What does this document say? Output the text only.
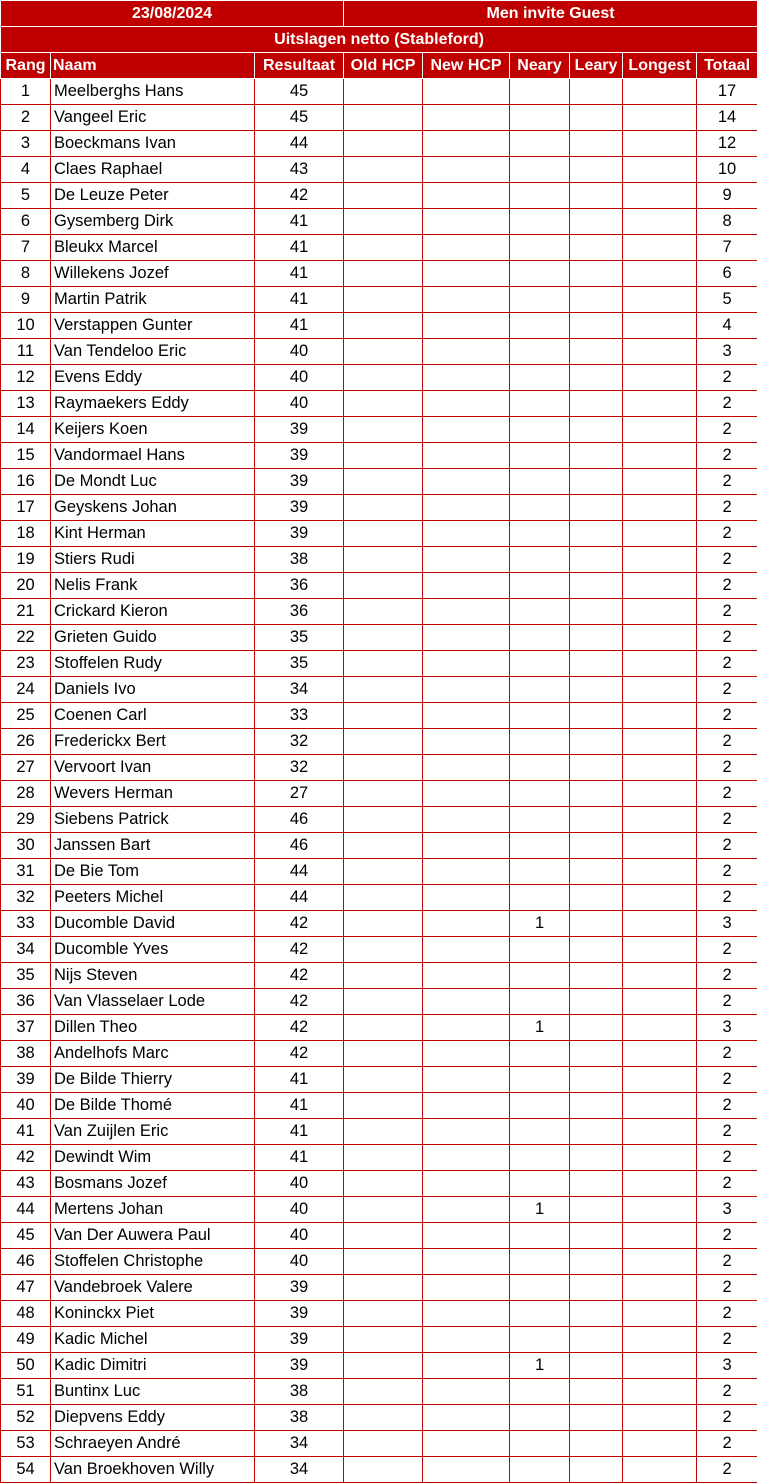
23/08/2024			Men invite Guest					
Uitslagen netto (Stableford)								
Rang	Naam	Resultaat	Old HCP	New HCP	Neary	Leary	Longest	Totaal
1	Meelberghs Hans	45						17
2	Vangeel Eric	45						14
3	Boeckmans Ivan	44						12
4	Claes Raphael	43						10
5	De Leuze Peter	42						9
6	Gysemberg Dirk	41						8
7	Bleukx Marcel	41						7
8	Willekens Jozef	41						6
9	Martin Patrik	41						5
10	Verstappen Gunter	41						4
11	Van Tendeloo Eric	40						3
12	Evens Eddy	40						2
13	Raymaekers Eddy	40						2
14	Keijers Koen	39						2
15	Vandormael Hans	39						2
16	De Mondt Luc	39						2
17	Geyskens Johan	39						2
18	Kint Herman	39						2
19	Stiers Rudi	38						2
20	Nelis Frank	36						2
21	Crickard Kieron	36						2
22	Grieten Guido	35						2
23	Stoffelen Rudy	35						2
24	Daniels Ivo	34						2
25	Coenen Carl	33						2
26	Frederickx Bert	32						2
27	Vervoort Ivan	32						2
28	Wevers Herman	27						2
29	Siebens Patrick	46						2
30	Janssen Bart	46						2
31	De Bie Tom	44						2
32	Peeters Michel	44						2
33	Ducomble David	42			1			3
34	Ducomble Yves	42						2
35	Nijs Steven	42						2
36	Van Vlasselaer Lode	42						2
37	Dillen Theo	42			1			3
38	Andelhofs Marc	42						2
39	De Bilde Thierry	41						2
40	De Bilde Thomé	41						2
41	Van Zuijlen Eric	41						2
42	Dewindt Wim	41						2
43	Bosmans Jozef	40						2
44	Mertens Johan	40			1			3
45	Van Der Auwera Paul	40						2
46	Stoffelen Christophe	40						2
47	Vandebroek Valere	39						2
48	Koninckx Piet	39						2
49	Kadic Michel	39						2
50	Kadic Dimitri	39			1			3
51	Buntinx Luc	38						2
52	Diepvens Eddy	38						2
53	Schraeyen André	34						2
54	Van Broekhoven Willy	34						2
